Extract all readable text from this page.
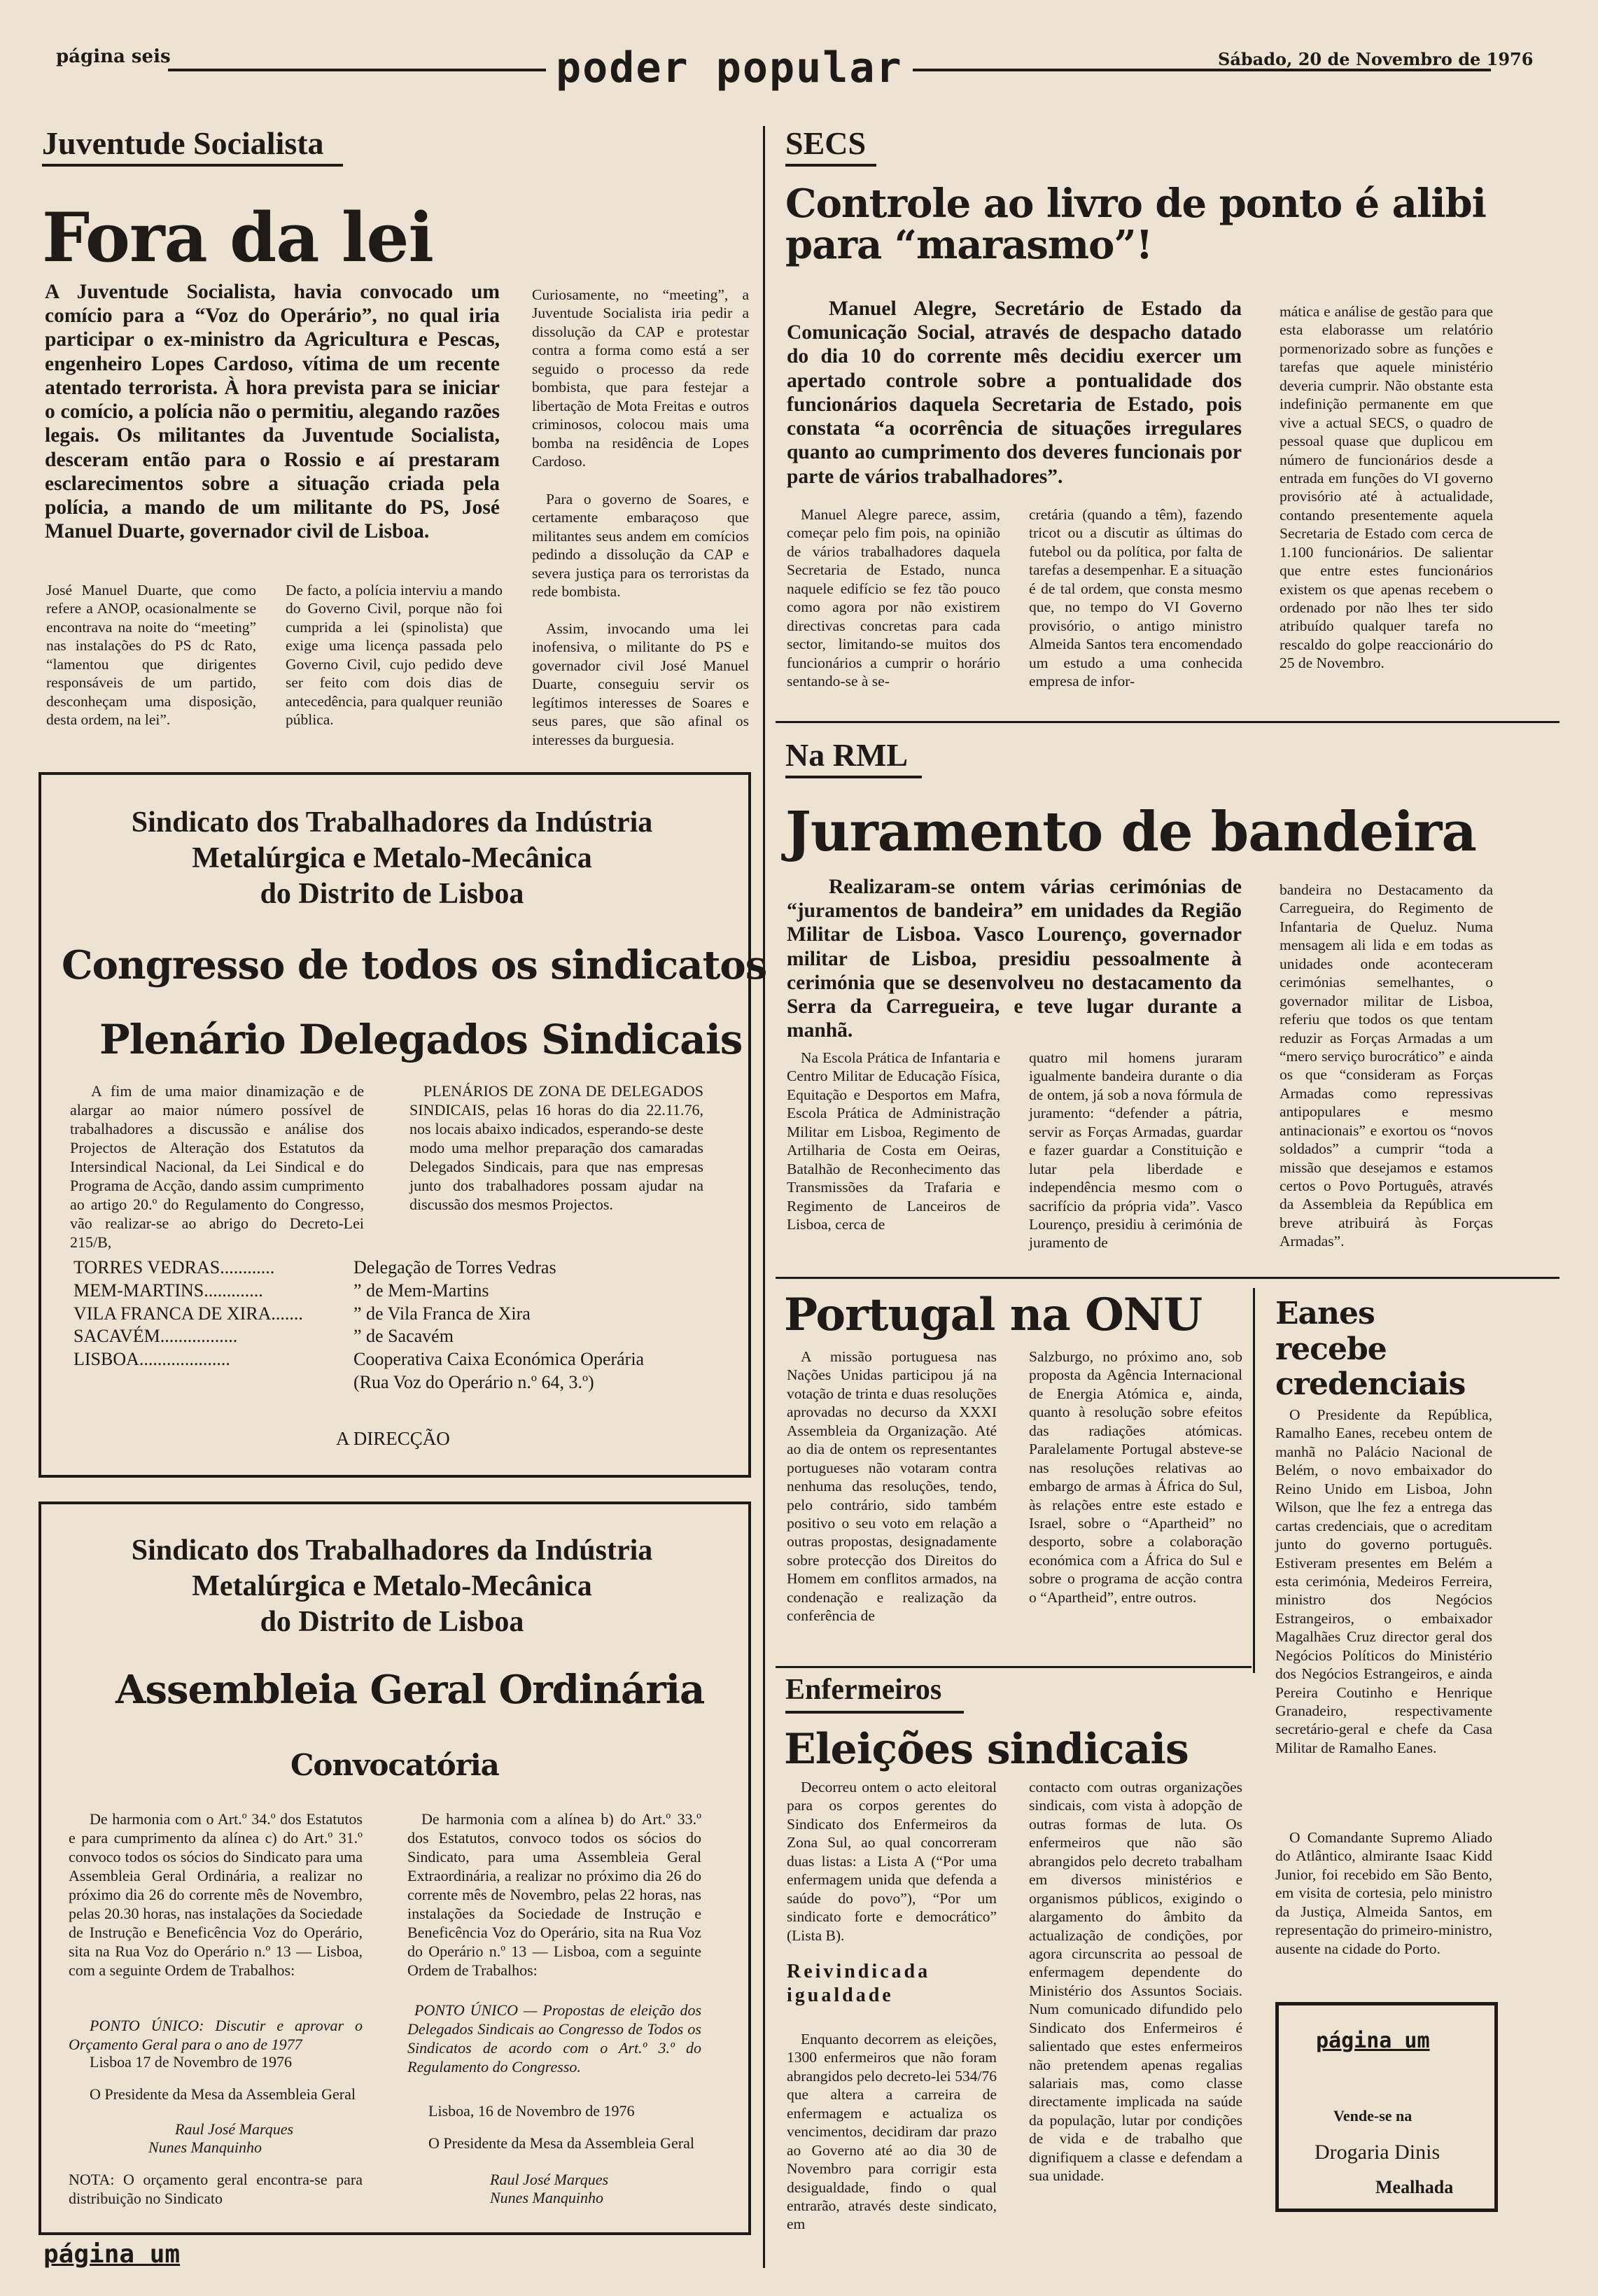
página seis	poder popular	Sábado, 20 de Novembro de 1976
Juventude Socialista
Fora da lei
A Juventude Socialista, havia convocado um comício para a “Voz do Operário”, no qual iria participar o ex-ministro da Agricultura e Pescas, engenheiro Lopes Cardoso, vítima de um recente atentado terrorista. À hora prevista para se iniciar o comício, a polícia não o permitiu, alegando razões legais. Os militantes da Juventude Socialista, desceram então para o Rossio e aí prestaram esclarecimentos sobre a situação criada pela polícia, a mando de um militante do PS, José Manuel Duarte, governador civil de Lisboa.
José Manuel Duarte, que como refere a ANOP, ocasionalmente se encontrava na noite do “meeting” nas instalações do PS dc Rato, “lamentou que dirigentes responsáveis de um partido, desconheçam uma disposição, desta ordem, na lei”.
De facto, a polícia interviu a mando do Governo Civil, porque não foi cumprida a lei (spinolista) que exige uma licença passada pelo Governo Civil, cujo pedido deve ser feito com dois dias de antecedência, para qualquer reunião pública.
Curiosamente, no “meeting”, a Juventude Socialista iria pedir a dissolução da CAP e protestar contra a forma como está a ser seguido o processo da rede bombista, que para festejar a libertação de Mota Freitas e outros criminosos, colocou mais uma bomba na residência de Lopes Cardoso.
Para o governo de Soares, e certamente embaraçoso que militantes seus andem em comícios pedindo a dissolução da CAP e severa justiça para os terroristas da rede bombista.
Assim, invocando uma lei inofensiva, o militante do PS e governador civil José Manuel Duarte, conseguiu servir os legítimos interesses de Soares e seus pares, que são afinal os interesses da burguesia.
Sindicato dos Trabalhadores da Indústria
Metalúrgica e Metalo-Mecânica
do Distrito de Lisboa
Congresso de todos os sindicatos
Plenário Delegados Sindicais
A fim de uma maior dinamização e de alargar ao maior número possível de trabalhadores a discussão e análise dos Projectos de Alteração dos Estatutos da Intersindical Nacional, da Lei Sindical e do Programa de Acção, dando assim cumprimento ao artigo 20.º do Regulamento do Congresso, vão realizar-se ao abrigo do Decreto-Lei 215/B,
PLENÁRIOS DE ZONA DE DELEGADOS SINDICAIS, pelas 16 horas do dia 22.11.76, nos locais abaixo indicados, esperando-se deste modo uma melhor preparação dos camaradas Delegados Sindicais, para que nas empresas junto dos trabalhadores possam ajudar na discussão dos mesmos Projectos.
TORRES VEDRAS............	Delegação de Torres Vedras
MEM-MARTINS.............	” de Mem-Martins
VILA FRANCA DE XIRA.......	” de Vila Franca de Xira
SACAVÉM.................	” de Sacavém
LISBOA....................	Cooperativa Caixa Económica Operária
(Rua Voz do Operário n.º 64, 3.º)
A DIRECÇÃO
Sindicato dos Trabalhadores da Indústria
Metalúrgica e Metalo-Mecânica
do Distrito de Lisboa
Assembleia Geral Ordinária
Convocatória
De harmonia com o Art.º 34.º dos Estatutos e para cumprimento da alínea c) do Art.º 31.º convoco todos os sócios do Sindicato para uma Assembleia Geral Ordinária, a realizar no próximo dia 26 do corrente mês de Novembro, pelas 20.30 horas, nas instalações da Sociedade de Instrução e Beneficência Voz do Operário, sita na Rua Voz do Operário n.º 13 — Lisboa, com a seguinte Ordem de Trabalhos:
PONTO ÚNICO: Discutir e aprovar o Orçamento Geral para o ano de 1977
Lisboa 17 de Novembro de 1976
O Presidente da Mesa da Assembleia Geral
Raul José Marques
Nunes Manquinho
NOTA: O orçamento geral encontra-se para distribuição no Sindicato
De harmonia com a alínea b) do Art.º 33.º dos Estatutos, convoco todos os sócios do Sindicato, para uma Assembleia Geral Extraordinária, a realizar no próximo dia 26 do corrente mês de Novembro, pelas 22 horas, nas instalações da Sociedade de Instrução e Beneficência Voz do Operário, sita na Rua Voz do Operário n.º 13 — Lisboa, com a seguinte Ordem de Trabalhos:
PONTO ÚNICO — Propostas de eleição dos Delegados Sindicais ao Congresso de Todos os Sindicatos de acordo com o Art.º 3.º do Regulamento do Congresso.
Lisboa, 16 de Novembro de 1976
O Presidente da Mesa da Assembleia Geral
Raul José Marques
Nunes Manquinho
SECS
Controle ao livro de ponto é alibi para “marasmo”!
Manuel Alegre, Secretário de Estado da Comunicação Social, através de despacho datado do dia 10 do corrente mês decidiu exercer um apertado controle sobre a pontualidade dos funcionários daquela Secretaria de Estado, pois constata “a ocorrência de situações irregulares quanto ao cumprimento dos deveres funcionais por parte de vários trabalhadores”.
Manuel Alegre parece, assim, começar pelo fim pois, na opinião de vários trabalhadores daquela Secretaria de Estado, nunca naquele edifício se fez tão pouco como agora por não existirem directivas concretas para cada sector, limitando-se muitos dos funcionários a cumprir o horário sentando-se à se-
cretária (quando a têm), fazendo tricot ou a discutir as últimas do futebol ou da política, por falta de tarefas a desempenhar. E a situação é de tal ordem, que consta mesmo que, no tempo do VI Governo provisório, o antigo ministro Almeida Santos tera encomendado um estudo a uma conhecida empresa de infor-
mática e análise de gestão para que esta elaborasse um relatório pormenorizado sobre as funções e tarefas que aquele ministério deveria cumprir. Não obstante esta indefinição permanente em que vive a actual SECS, o quadro de pessoal quase que duplicou em número de funcionários desde a entrada em funções do VI governo provisório até à actualidade, contando presentemente aquela Secretaria de Estado com cerca de 1.100 funcionários. De salientar que entre estes funcionários existem os que apenas recebem o ordenado por não lhes ter sido atribuído qualquer tarefa no rescaldo do golpe reaccionário do 25 de Novembro.
Na RML
Juramento de bandeira
Realizaram-se ontem várias cerimónias de “juramentos de bandeira” em unidades da Região Militar de Lisboa. Vasco Lourenço, governador militar de Lisboa, presidiu pessoalmente à cerimónia que se desenvolveu no destacamento da Serra da Carregueira, e teve lugar durante a manhã.
Na Escola Prática de Infantaria e Centro Militar de Educação Física, Equitação e Desportos em Mafra, Escola Prática de Administração Militar em Lisboa, Regimento de Artilharia de Costa em Oeiras, Batalhão de Reconhecimento das Transmissões da Trafaria e Regimento de Lanceiros de Lisboa, cerca de
quatro mil homens juraram igualmente bandeira durante o dia de ontem, já sob a nova fórmula de juramento: “defender a pátria, servir as Forças Armadas, guardar e fazer guardar a Constituição e lutar pela liberdade e independência mesmo com o sacrifício da própria vida”. Vasco Lourenço, presidiu à cerimónia de juramento de
bandeira no Destacamento da Carregueira, do Regimento de Infantaria de Queluz. Numa mensagem ali lida e em todas as unidades onde aconteceram cerimónias semelhantes, o governador militar de Lisboa, referiu que todos os que tentam reduzir as Forças Armadas a um “mero serviço burocrático” e ainda os que “consideram as Forças Armadas como repressivas antipopulares e mesmo antinacionais” e exortou os “novos soldados” a cumprir “toda a missão que desejamos e estamos certos o Povo Português, através da Assembleia da República em breve atribuirá às Forças Armadas”.
Portugal na ONU
A missão portuguesa nas Nações Unidas participou já na votação de trinta e duas resoluções aprovadas no decurso da XXXI Assembleia da Organização. Até ao dia de ontem os representantes portugueses não votaram contra nenhuma das resoluções, tendo, pelo contrário, sido também positivo o seu voto em relação a outras propostas, designadamente sobre protecção dos Direitos do Homem em conflitos armados, na condenação e realização da conferência de
Salzburgo, no próximo ano, sob proposta da Agência Internacional de Energia Atómica e, ainda, quanto à resolução sobre efeitos das radiações atómicas. Paralelamente Portugal absteve-se nas resoluções relativas ao embargo de armas à África do Sul, às relações entre este estado e Israel, sobre o “Apartheid” no desporto, sobre a colaboração económica com a África do Sul e sobre o programa de acção contra o “Apartheid”, entre outros.
Eanes recebe credenciais
O Presidente da República, Ramalho Eanes, recebeu ontem de manhã no Palácio Nacional de Belém, o novo embaixador do Reino Unido em Lisboa, John Wilson, que lhe fez a entrega das cartas credenciais, que o acreditam junto do governo português. Estiveram presentes em Belém a esta cerimónia, Medeiros Ferreira, ministro dos Negócios Estrangeiros, o embaixador Magalhães Cruz director geral dos Negócios Políticos do Ministério dos Negócios Estrangeiros, e ainda Pereira Coutinho e Henrique Granadeiro, respectivamente secretário-geral e chefe da Casa Militar de Ramalho Eanes.
O Comandante Supremo Aliado do Atlântico, almirante Isaac Kidd Junior, foi recebido em São Bento, em visita de cortesia, pelo ministro da Justiça, Almeida Santos, em representação do primeiro-ministro, ausente na cidade do Porto.
Enfermeiros
Eleições sindicais
Decorreu ontem o acto eleitoral para os corpos gerentes do Sindicato dos Enfermeiros da Zona Sul, ao qual concorreram duas listas: a Lista A (“Por uma enfermagem unida que defenda a saúde do povo”), “Por um sindicato forte e democrático” (Lista B).
Reivindicada igualdade
Enquanto decorrem as eleições, 1300 enfermeiros que não foram abrangidos pelo decreto-lei 534/76 que altera a carreira de enfermagem e actualiza os vencimentos, decidiram dar prazo ao Governo até ao dia 30 de Novembro para corrigir esta desigualdade, findo o qual entrarão, através deste sindicato, em
contacto com outras organizações sindicais, com vista à adopção de outras formas de luta. Os enfermeiros que não são abrangidos pelo decreto trabalham em diversos ministérios e organismos públicos, exigindo o alargamento do âmbito da actualização de condições, por agora circunscrita ao pessoal de enfermagem dependente do Ministério dos Assuntos Sociais. Num comunicado difundido pelo Sindicato dos Enfermeiros é salientado que estes enfermeiros não pretendem apenas regalias salariais mas, como classe directamente implicada na saúde da população, lutar por condições de vida e de trabalho que dignifiquem a classe e defendam a sua unidade.
página um
Vende-se na
Drogaria Dinis
Mealhada
página um
